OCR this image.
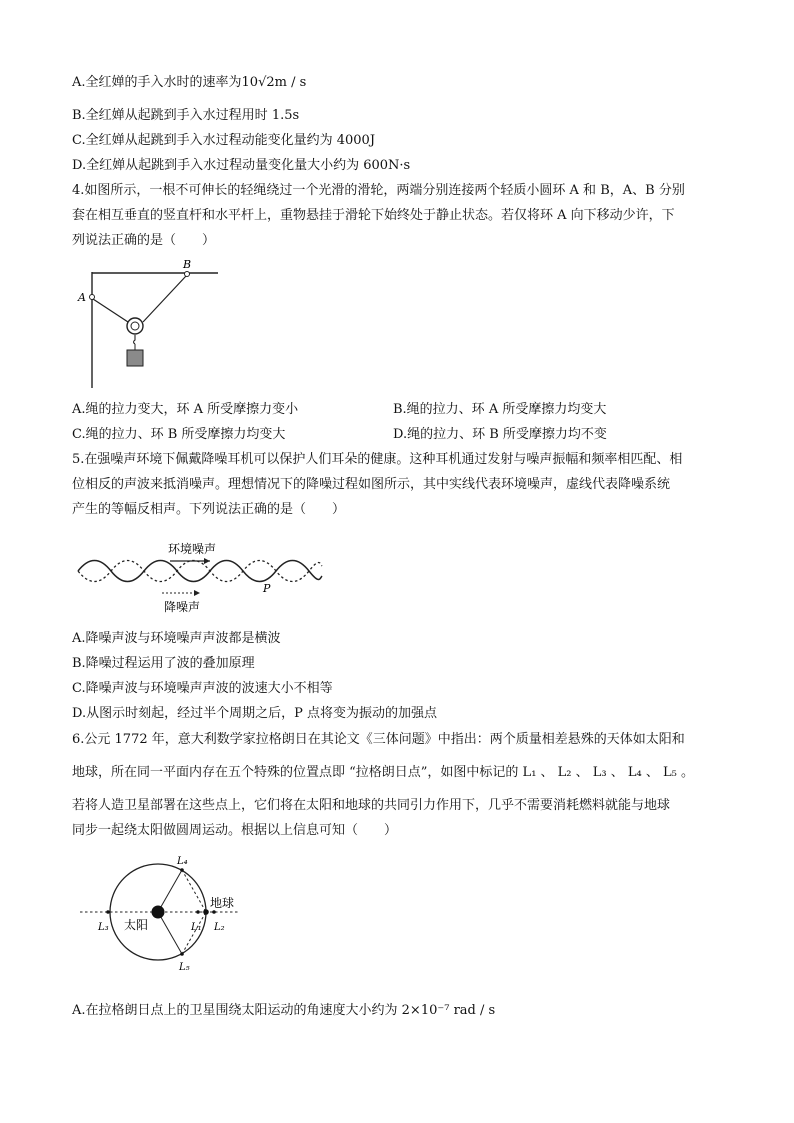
A.全红婵的手入水时的速率为10√2m / s
B.全红婵从起跳到手入水过程用时 1.5s
C.全红婵从起跳到手入水过程动能变化量约为 4000J
D.全红婵从起跳到手入水过程动量变化量大小约为 600N·s
4.如图所示，一根不可伸长的轻绳绕过一个光滑的滑轮，两端分别连接两个轻质小圆环 A 和 B，A、B 分别
套在相互垂直的竖直杆和水平杆上，重物悬挂于滑轮下始终处于静止状态。若仅将环 A 向下移动少许，下
列说法正确的是（　　）
A
B
A.绳的拉力变大，环 A 所受摩擦力变小	B.绳的拉力、环 A 所受摩擦力均变大
C.绳的拉力、环 B 所受摩擦力均变大	D.绳的拉力、环 B 所受摩擦力均不变
5.在强噪声环境下佩戴降噪耳机可以保护人们耳朵的健康。这种耳机通过发射与噪声振幅和频率相匹配、相
位相反的声波来抵消噪声。理想情况下的降噪过程如图所示，其中实线代表环境噪声，虚线代表降噪系统
产生的等幅反相声。下列说法正确的是（　　）
环境噪声
降噪声
P
A.降噪声波与环境噪声声波都是横波
B.降噪过程运用了波的叠加原理
C.降噪声波与环境噪声声波的波速大小不相等
D.从图示时刻起，经过半个周期之后，P 点将变为振动的加强点
6.公元 1772 年，意大利数学家拉格朗日在其论文《三体问题》中指出：两个质量相差悬殊的天体如太阳和
地球，所在同一平面内存在五个特殊的位置点即 “拉格朗日点”，如图中标记的 L₁ 、 L₂ 、 L₃ 、 L₄ 、 L₅ 。
若将人造卫星部署在这些点上，它们将在太阳和地球的共同引力作用下，几乎不需要消耗燃料就能与地球
同步一起绕太阳做圆周运动。根据以上信息可知（　　）
太阳
地球
L₃	L₁ L₂
L₄
L₅
A.在拉格朗日点上的卫星围绕太阳运动的角速度大小约为 2×10⁻⁷ rad / s
